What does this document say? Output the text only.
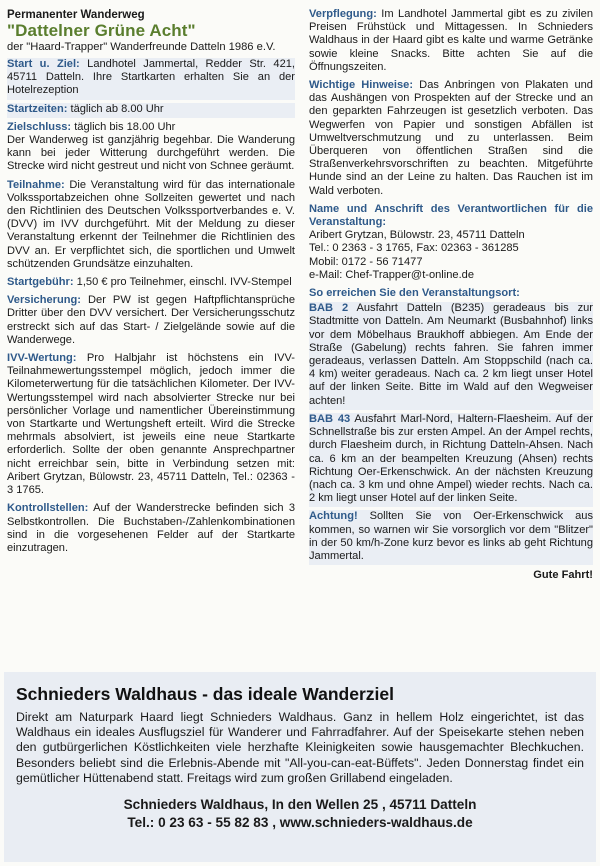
Permanenter Wanderweg
"Dattelner Grüne Acht"
der "Haard-Trapper" Wanderfreunde Datteln 1986 e.V.
Start u. Ziel: Landhotel Jammertal, Redder Str. 421, 45711 Datteln. Ihre Startkarten erhalten Sie an der Hotelrezeption
Startzeiten: täglich ab 8.00 Uhr
Zielschluss: täglich bis 18.00 Uhr
Der Wanderweg ist ganzjährig begehbar. Die Wanderung kann bei jeder Witterung durchgeführt werden. Die Strecke wird nicht gestreut und nicht von Schnee geräumt.
Teilnahme: Die Veranstaltung wird für das internationale Volkssportabzeichen ohne Sollzeiten gewertet und nach den Richtlinien des Deutschen Volkssportverbandes e. V. (DVV) im IVV durchgeführt. Mit der Meldung zu dieser Veranstaltung erkennt der Teilnehmer die Richtlinien des DVV an. Er verpflichtet sich, die sportlichen und Umwelt schützenden Grundsätze einzuhalten.
Startgebühr: 1,50 € pro Teilnehmer, einschl. IVV-Stempel
Versicherung: Der PW ist gegen Haftpflichtansprüche Dritter über den DVV versichert. Der Versicherungsschutz erstreckt sich auf das Start- / Zielgelände sowie auf die Wanderwege.
IVV-Wertung: Pro Halbjahr ist höchstens ein IVV-Teilnahmewertungsstempel möglich, jedoch immer die Kilometerwertung für die tatsächlichen Kilometer. Der IVV-Wertungsstempel wird nach absolvierter Strecke nur bei persönlicher Vorlage und namentlicher Übereinstimmung von Startkarte und Wertungsheft erteilt. Wird die Strecke mehrmals absolviert, ist jeweils eine neue Startkarte erforderlich. Sollte der oben genannte Ansprechpartner nicht erreichbar sein, bitte in Verbindung setzen mit: Aribert Grytzan, Bülowstr. 23, 45711 Datteln, Tel.: 02363 - 3 1765.
Kontrollstellen: Auf der Wanderstrecke befinden sich 3 Selbstkontrollen. Die Buchstaben-/Zahlenkombinationen sind in die vorgesehenen Felder auf der Startkarte einzutragen.
Verpflegung: Im Landhotel Jammertal gibt es zu zivilen Preisen Frühstück und Mittagessen. In Schnieders Waldhaus in der Haard gibt es kalte und warme Getränke sowie kleine Snacks. Bitte achten Sie auf die Öffnungszeiten.
Wichtige Hinweise: Das Anbringen von Plakaten und das Aushängen von Prospekten auf der Strecke und an den geparkten Fahrzeugen ist gesetzlich verboten. Das Wegwerfen von Papier und sonstigen Abfällen ist Umweltverschmutzung und zu unterlassen. Beim Überqueren von öffentlichen Straßen sind die Straßenverkehrsvorschriften zu beachten. Mitgeführte Hunde sind an der Leine zu halten. Das Rauchen ist im Wald verboten.
Name und Anschrift des Verantwortlichen für die Veranstaltung:
Aribert Grytzan, Bülowstr. 23, 45711 Datteln
Tel.: 0 2363 - 3 1765, Fax: 02363 - 361285
Mobil: 0172 - 56 71477
e-Mail: Chef-Trapper@t-online.de
So erreichen Sie den Veranstaltungsort:
BAB 2 Ausfahrt Datteln (B235) geradeaus bis zur Stadtmitte von Datteln. Am Neumarkt (Busbahnhof) links vor dem Möbelhaus Braukhoff abbiegen. Am Ende der Straße (Gabelung) rechts fahren. Sie fahren immer geradeaus, verlassen Datteln. Am Stoppschild (nach ca. 4 km) weiter geradeaus. Nach ca. 2 km liegt unser Hotel auf der linken Seite. Bitte im Wald auf den Wegweiser achten!
BAB 43 Ausfahrt Marl-Nord, Haltern-Flaesheim. Auf der Schnellstraße bis zur ersten Ampel. An der Ampel rechts, durch Flaesheim durch, in Richtung Datteln-Ahsen. Nach ca. 6 km an der beampelten Kreuzung (Ahsen) rechts Richtung Oer-Erkenschwick. An der nächsten Kreuzung (nach ca. 3 km und ohne Ampel) wieder rechts. Nach ca. 2 km liegt unser Hotel auf der linken Seite.
Achtung! Sollten Sie von Oer-Erkenschwick aus kommen, so warnen wir Sie vorsorglich vor dem "Blitzer" in der 50 km/h-Zone kurz bevor es links ab geht Richtung Jammertal.
Gute Fahrt!
Schnieders Waldhaus - das ideale Wanderziel
Direkt am Naturpark Haard liegt Schnieders Waldhaus. Ganz in hellem Holz eingerichtet, ist das Waldhaus ein ideales Ausflugsziel für Wanderer und Fahrradfahrer. Auf der Speisekarte stehen neben den gutbürgerlichen Köstlichkeiten viele herzhafte Kleinigkeiten sowie hausgemachter Blechkuchen. Besonders beliebt sind die Erlebnis-Abende mit "All-you-can-eat-Büffets". Jeden Donnerstag findet ein gemütlicher Hüttenabend statt. Freitags wird zum großen Grillabend eingeladen.
Schnieders Waldhaus, In den Wellen 25 , 45711 Datteln
Tel.: 0 23 63 - 55 82 83 , www.schnieders-waldhaus.de
